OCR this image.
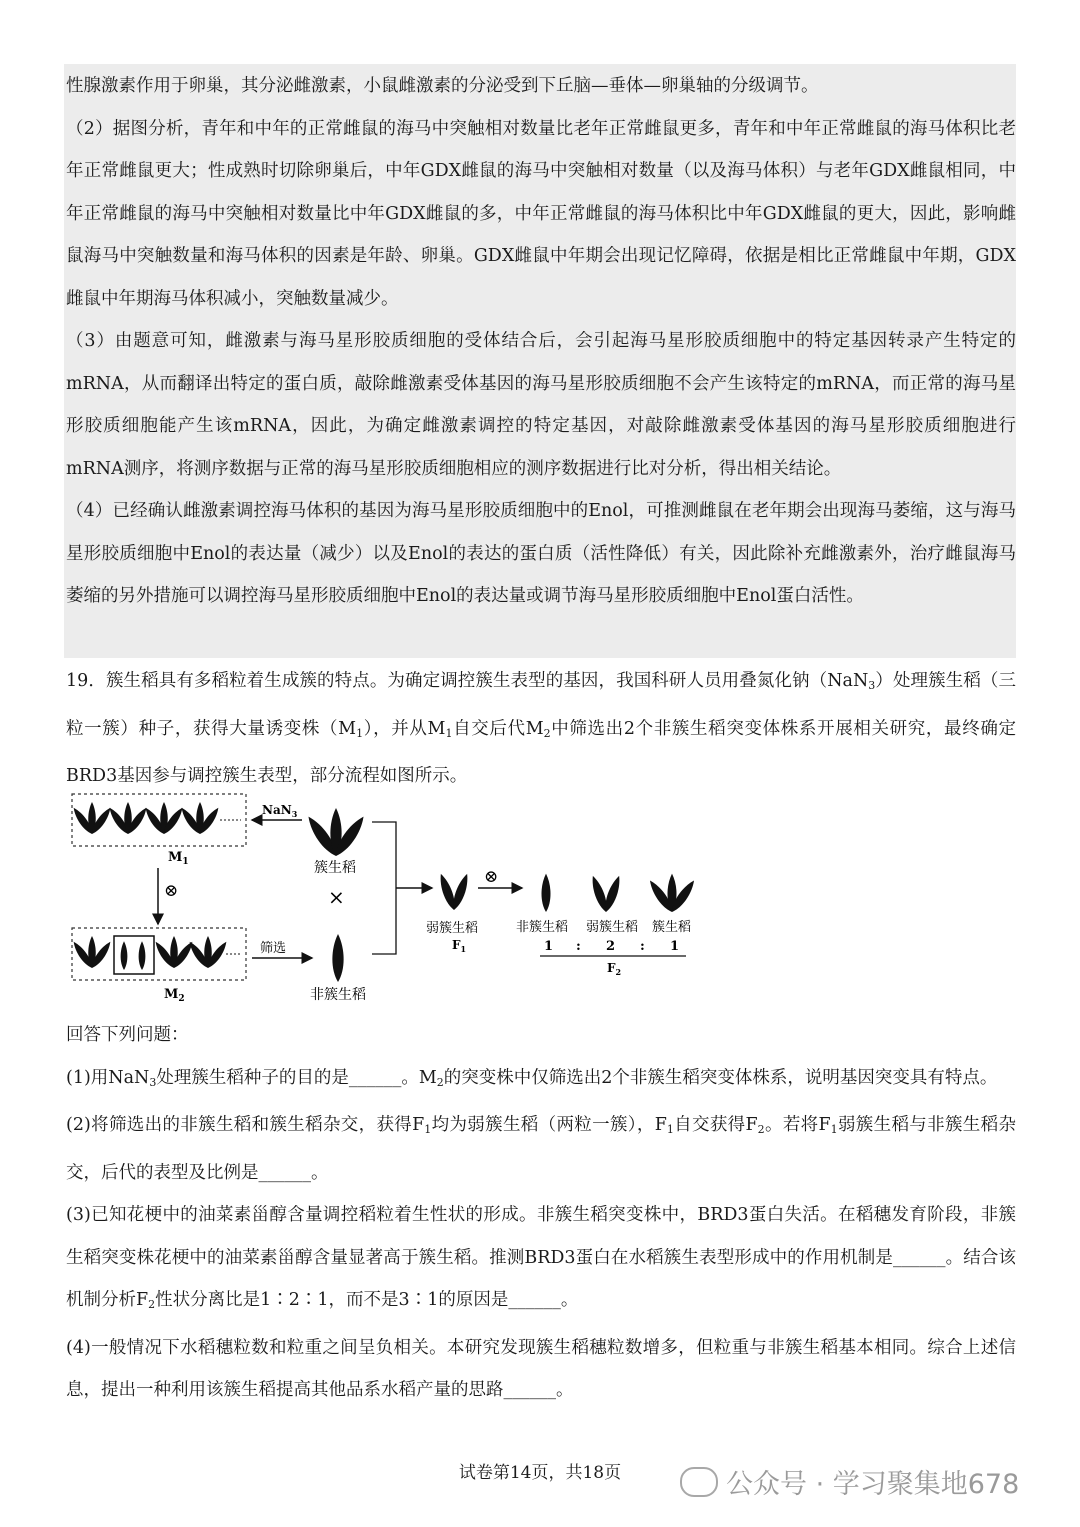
性腺激素作用于卵巢，其分泌雌激素，小鼠雌激素的分泌受到下丘脑—垂体—卵巢轴的分级调节。

（2）据图分析，青年和中年的正常雌鼠的海马中突触相对数量比老年正常雌鼠更多，青年和中年正常雌鼠的海马体积比老年正常雌鼠更大；性成熟时切除卵巢后，中年GDX雌鼠的海马中突触相对数量（以及海马体积）与老年GDX雌鼠相同，中年正常雌鼠的海马中突触相对数量比中年GDX雌鼠的多，中年正常雌鼠的海马体积比中年GDX雌鼠的更大，因此，影响雌鼠海马中突触数量和海马体积的因素是年龄、卵巢。GDX雌鼠中年期会出现记忆障碍，依据是相比正常雌鼠中年期，GDX雌鼠中年期海马体积减小，突触数量减少。

（3）由题意可知，雌激素与海马星形胶质细胞的受体结合后，会引起海马星形胶质细胞中的特定基因转录产生特定的mRNA，从而翻译出特定的蛋白质，敲除雌激素受体基因的海马星形胶质细胞不会产生该特定的mRNA，而正常的海马星形胶质细胞能产生该mRNA，因此，为确定雌激素调控的特定基因，对敲除雌激素受体基因的海马星形胶质细胞进行mRNA测序，将测序数据与正常的海马星形胶质细胞相应的测序数据进行比对分析，得出相关结论。

（4）已经确认雌激素调控海马体积的基因为海马星形胶质细胞中的Enol，可推测雌鼠在老年期会出现海马萎缩，这与海马星形胶质细胞中Enol的表达量（减少）以及Enol的表达的蛋白质（活性降低）有关，因此除补充雌激素外，治疗雌鼠海马萎缩的另外措施可以调控海马星形胶质细胞中Enol的表达量或调节海马星形胶质细胞中Enol蛋白活性。

19．簇生稻具有多稻粒着生成簇的特点。为确定调控簇生表型的基因，我国科研人员用叠氮化钠（NaN$_3$）处理簇生稻（三粒一簇）种子，获得大量诱变株$(M_1)$，并从$M_1$自交后代$M_2$中筛选出2个非簇生稻突变体株系开展相关研究，最终确定BRD3基因参与调控簇生表型，部分流程如图所示。

$M_1$
NaN$_3$
簇生稻
×
⊗
$M_2$
筛选
非簇生稻
弱簇生稻
$F_1$
⊗
非簇生稻 弱簇生稻 簇生稻
1 : 2 : 1
$F_2$

回答下列问题：

(1)用NaN$_3$处理簇生稻种子的目的是______。$M_2$的突变株中仅筛选出2个非簇生稻突变体株系，说明基因突变具有特点。

(2)将筛选出的非簇生稻和簇生稻杂交，获得$F_1$均为弱簇生稻（两粒一簇），$F_1$自交获得$F_2$。若将$F_1$弱簇生稻与非簇生稻杂交，后代的表型及比例是______。

(3)已知花梗中的油菜素甾醇含量调控稻粒着生性状的形成。非簇生稻突变株中，BRD3蛋白失活。在稻穗发育阶段，非簇生稻突变株花梗中的油菜素甾醇含量显著高于簇生稻。推测BRD3蛋白在水稻簇生表型形成中的作用机制是______。结合该机制分析$F_2$性状分离比是1∶2∶1，而不是3∶1的原因是______。

(4)一般情况下水稻穗粒数和粒重之间呈负相关。本研究发现簇生稻穗粒数增多，但粒重与非簇生稻基本相同。综合上述信息，提出一种利用该簇生稻提高其他品系水稻产量的思路______。

试卷第14页，共18页	公众号 · 学习聚集地678
